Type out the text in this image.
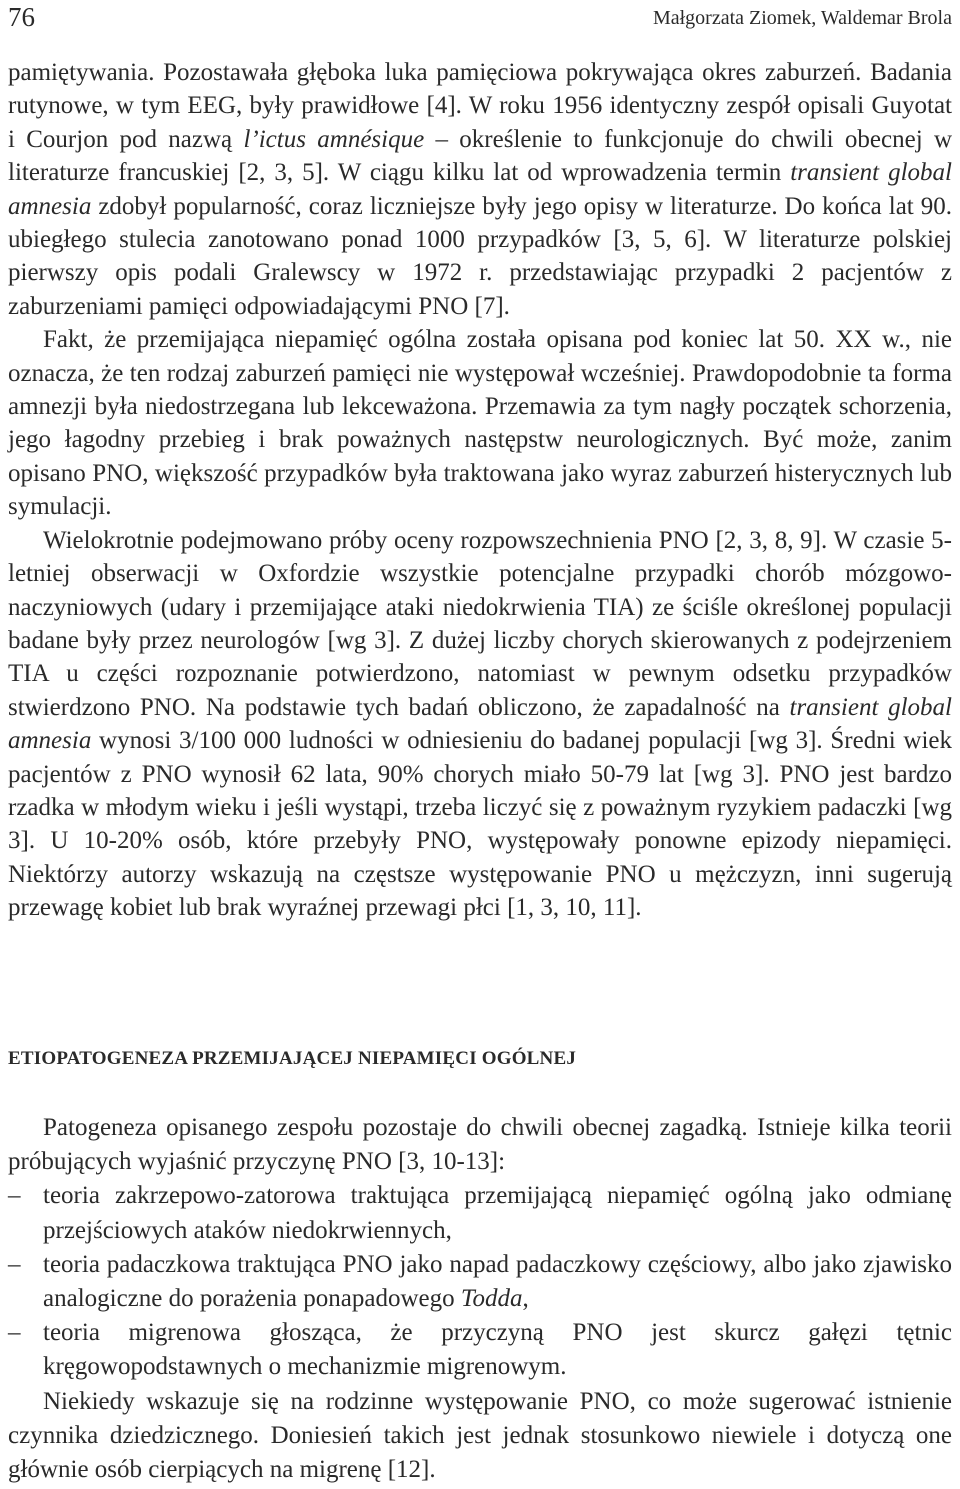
76	Małgorzata Ziomek, Waldemar Brola

pamiętywania. Pozostawała głęboka luka pamięciowa pokrywająca okres zaburzeń. Badania rutynowe, w tym EEG, były prawidłowe [4]. W roku 1956 identyczny zespół opisali Guyotat i Courjon pod nazwą l’ictus amnésique – określenie to funkcjonuje do chwili obecnej w literaturze francuskiej [2, 3, 5]. W ciągu kilku lat od wprowadzenia termin transient global amnesia zdobył popularność, coraz liczniejsze były jego opisy w literaturze. Do końca lat 90. ubiegłego stulecia zanotowano ponad 1000 przypadków [3, 5, 6]. W literaturze polskiej pierwszy opis podali Gralewscy w 1972 r. przedstawiając przypadki 2 pacjentów z zaburzeniami pamięci odpowiadającymi PNO [7].

Fakt, że przemijająca niepamięć ogólna została opisana pod koniec lat 50. XX w., nie oznacza, że ten rodzaj zaburzeń pamięci nie występował wcześniej. Prawdopodobnie ta forma amnezji była niedostrzegana lub lekceważona. Przemawia za tym nagły początek schorzenia, jego łagodny przebieg i brak poważnych następstw neurologicznych. Być może, zanim opisano PNO, większość przypadków była traktowana jako wyraz zaburzeń histerycznych lub symulacji.

Wielokrotnie podejmowano próby oceny rozpowszechnienia PNO [2, 3, 8, 9]. W czasie 5-letniej obserwacji w Oxfordzie wszystkie potencjalne przypadki chorób mózgowo-naczyniowych (udary i przemijające ataki niedokrwienia TIA) ze ściśle określonej populacji badane były przez neurologów [wg 3]. Z dużej liczby chorych skierowanych z podejrzeniem TIA u części rozpoznanie potwierdzono, natomiast w pewnym odsetku przypadków stwierdzono PNO. Na podstawie tych badań obliczono, że zapadalność na transient global amnesia wynosi 3/100 000 ludności w odniesieniu do badanej populacji [wg 3]. Średni wiek pacjentów z PNO wynosił 62 lata, 90% chorych miało 50-79 lat [wg 3]. PNO jest bardzo rzadka w młodym wieku i jeśli wystąpi, trzeba liczyć się z poważnym ryzykiem padaczki [wg 3]. U 10-20% osób, które przebyły PNO, występowały ponowne epizody niepamięci. Niektórzy autorzy wskazują na częstsze występowanie PNO u mężczyzn, inni sugerują przewagę kobiet lub brak wyraźnej przewagi płci [1, 3, 10, 11].

ETIOPATOGENEZA PRZEMIJAJĄCEJ NIEPAMIĘCI OGÓLNEJ

Patogeneza opisanego zespołu pozostaje do chwili obecnej zagadką. Istnieje kilka teorii próbujących wyjaśnić przyczynę PNO [3, 10-13]:

– teoria zakrzepowo-zatorowa traktująca przemijającą niepamięć ogólną jako odmianę przejściowych ataków niedokrwiennych,
– teoria padaczkowa traktująca PNO jako napad padaczkowy częściowy, albo jako zjawisko analogiczne do porażenia ponapadowego Todda,
– teoria migrenowa głosząca, że przyczyną PNO jest skurcz gałęzi tętnic kręgowopodstawnych o mechanizmie migrenowym.

Niekiedy wskazuje się na rodzinne występowanie PNO, co może sugerować istnienie czynnika dziedzicznego. Doniesień takich jest jednak stosunkowo niewiele i dotyczą one głównie osób cierpiących na migrenę [12].
